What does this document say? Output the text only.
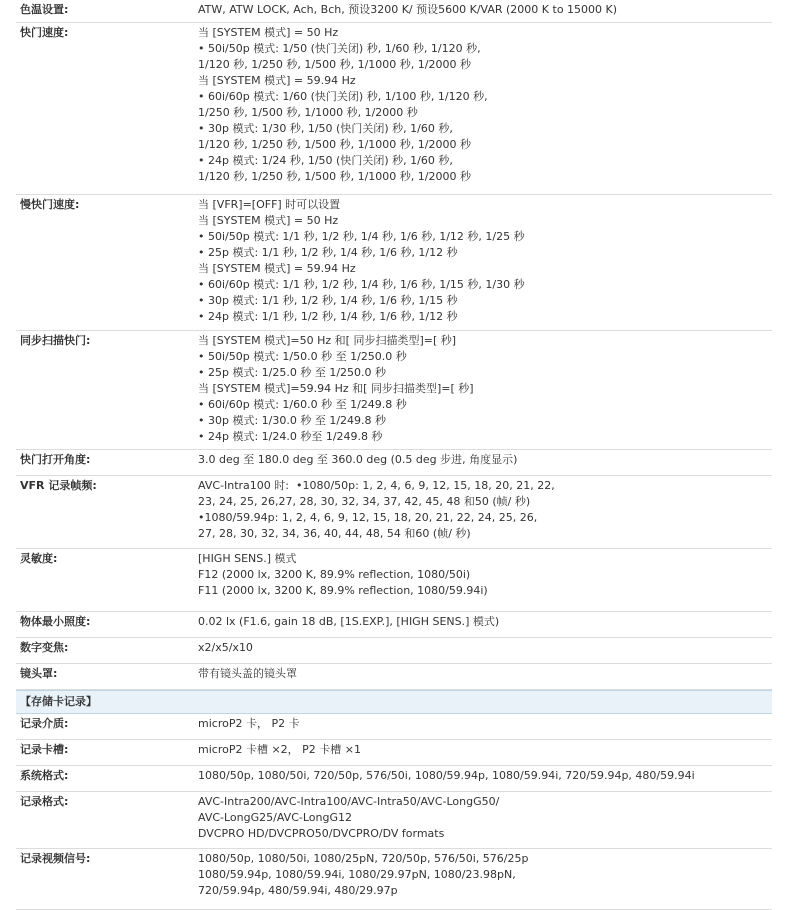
色温设置:	ATW, ATW LOCK, Ach, Bch, 预设3200 K/ 预设5600 K/VAR (2000 K to 15000 K)
快门速度:	当 [SYSTEM 模式] = 50 Hz
• 50i/50p 模式: 1/50 (快门关闭) 秒, 1/60 秒, 1/120 秒,
1/120 秒, 1/250 秒, 1/500 秒, 1/1000 秒, 1/2000 秒
当 [SYSTEM 模式] = 59.94 Hz
• 60i/60p 模式: 1/60 (快门关闭) 秒, 1/100 秒, 1/120 秒,
1/250 秒, 1/500 秒, 1/1000 秒, 1/2000 秒
• 30p 模式: 1/30 秒, 1/50 (快门关闭) 秒, 1/60 秒,
1/120 秒, 1/250 秒, 1/500 秒, 1/1000 秒, 1/2000 秒
• 24p 模式: 1/24 秒, 1/50 (快门关闭) 秒, 1/60 秒,
1/120 秒, 1/250 秒, 1/500 秒, 1/1000 秒, 1/2000 秒
慢快门速度:	当 [VFR]=[OFF] 时可以设置
当 [SYSTEM 模式] = 50 Hz
• 50i/50p 模式: 1/1 秒, 1/2 秒, 1/4 秒, 1/6 秒, 1/12 秒, 1/25 秒
• 25p 模式: 1/1 秒, 1/2 秒, 1/4 秒, 1/6 秒, 1/12 秒
当 [SYSTEM 模式] = 59.94 Hz
• 60i/60p 模式: 1/1 秒, 1/2 秒, 1/4 秒, 1/6 秒, 1/15 秒, 1/30 秒
• 30p 模式: 1/1 秒, 1/2 秒, 1/4 秒, 1/6 秒, 1/15 秒
• 24p 模式: 1/1 秒, 1/2 秒, 1/4 秒, 1/6 秒, 1/12 秒
同步扫描快门:	当 [SYSTEM 模式]=50 Hz 和[ 同步扫描类型]=[ 秒]
• 50i/50p 模式: 1/50.0 秒 至 1/250.0 秒
• 25p 模式: 1/25.0 秒 至 1/250.0 秒
当 [SYSTEM 模式]=59.94 Hz 和[ 同步扫描类型]=[ 秒]
• 60i/60p 模式: 1/60.0 秒 至 1/249.8 秒
• 30p 模式: 1/30.0 秒 至 1/249.8 秒
• 24p 模式: 1/24.0 秒至 1/249.8 秒
快门打开角度:	3.0 deg 至 180.0 deg 至 360.0 deg (0.5 deg 步进, 角度显示)
VFR 记录帧频:	AVC-Intra100 时:  •1080/50p: 1, 2, 4, 6, 9, 12, 15, 18, 20, 21, 22,
23, 24, 25, 26,27, 28, 30, 32, 34, 37, 42, 45, 48 和50 (帧/ 秒)
•1080/59.94p: 1, 2, 4, 6, 9, 12, 15, 18, 20, 21, 22, 24, 25, 26,
27, 28, 30, 32, 34, 36, 40, 44, 48, 54 和60 (帧/ 秒)
灵敏度:	[HIGH SENS.] 模式
F12 (2000 lx, 3200 K, 89.9% reflection, 1080/50i)
F11 (2000 lx, 3200 K, 89.9% reflection, 1080/59.94i)
物体最小照度:	0.02 lx (F1.6, gain 18 dB, [1S.EXP.], [HIGH SENS.] 模式)
数字变焦:	x2/x5/x10
镜头罩:	带有镜头盖的镜头罩
【存储卡记录】
记录介质:	microP2 卡， P2 卡
记录卡槽:	microP2 卡槽 ×2， P2 卡槽 ×1
系统格式:	1080/50p, 1080/50i, 720/50p, 576/50i, 1080/59.94p, 1080/59.94i, 720/59.94p, 480/59.94i
记录格式:	AVC-Intra200/AVC-Intra100/AVC-Intra50/AVC-LongG50/
AVC-LongG25/AVC-LongG12
DVCPRO HD/DVCPRO50/DVCPRO/DV formats
记录视频信号:	1080/50p, 1080/50i, 1080/25pN, 720/50p, 576/50i, 576/25p
1080/59.94p, 1080/59.94i, 1080/29.97pN, 1080/23.98pN,
720/59.94p, 480/59.94i, 480/29.97p
